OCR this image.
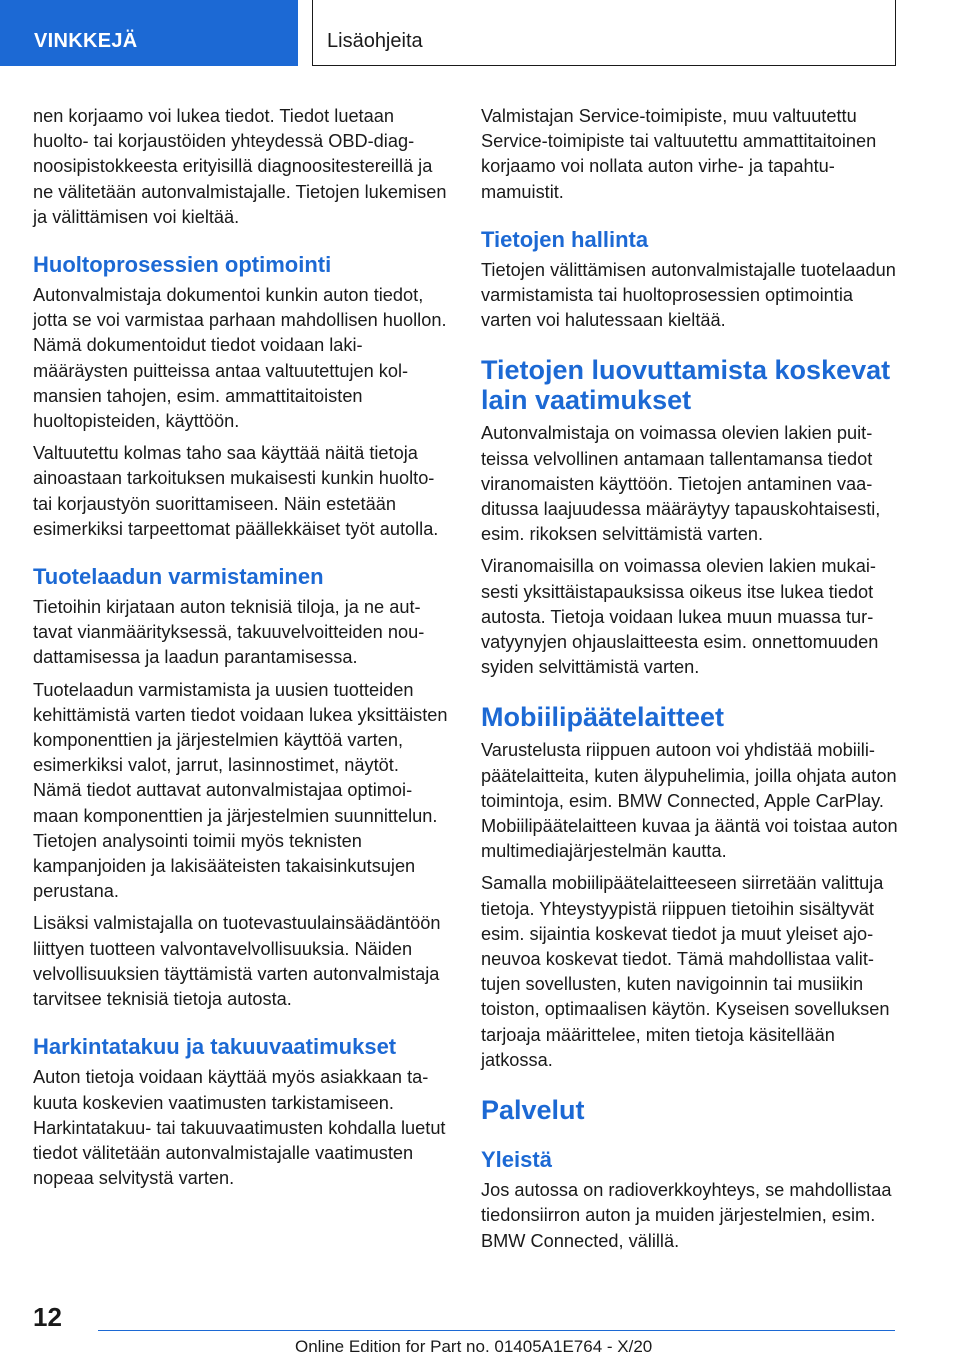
VINKKEJÄ	Lisäohjeita
nen korjaamo voi lukea tiedot. Tiedot luetaan huolto- tai korjaustöiden yhteydessä OBD-diagnoosipistokkeesta erityisillä diagnoositestereillä ja ne välitetään autonvalmistajalle. Tietojen lukemisen ja välittämisen voi kieltää.
Huoltoprosessien optimointi
Autonvalmistaja dokumentoi kunkin auton tiedot, jotta se voi varmistaa parhaan mahdollisen huollon. Nämä dokumentoidut tiedot voidaan lakimääräysten puitteissa antaa valtuutettujen kolmansien tahojen, esim. ammattitaitoisten huoltopisteiden, käyttöön.
Valtuutettu kolmas taho saa käyttää näitä tietoja ainoastaan tarkoituksen mukaisesti kunkin huolto- tai korjaustyön suorittamiseen. Näin estetään esimerkiksi tarpeettomat päällekkäiset työt autolla.
Tuotelaadun varmistaminen
Tietoihin kirjataan auton teknisiä tiloja, ja ne auttavat vianmäärityksessä, takuuvelvoitteiden noudattamisessa ja laadun parantamisessa.
Tuotelaadun varmistamista ja uusien tuotteiden kehittämistä varten tiedot voidaan lukea yksittäisten komponenttien ja järjestelmien käyttöä varten, esimerkiksi valot, jarrut, lasinnostimet, näytöt. Nämä tiedot auttavat autonvalmistajaa optimoimaan komponenttien ja järjestelmien suunnittelun. Tietojen analysointi toimii myös teknisten kampanjoiden ja lakisääteisten takaisinkutsujen perustana.
Lisäksi valmistajalla on tuotevastuulainsäädäntöön liittyen tuotteen valvontavelvollisuuksia. Näiden velvollisuuksien täyttämistä varten autonvalmistaja tarvitsee teknisiä tietoja autosta.
Harkintatakuu ja takuuvaatimukset
Auton tietoja voidaan käyttää myös asiakkaan takuuta koskevien vaatimusten tarkistamiseen. Harkintatakuu- tai takuuvaatimusten kohdalla luetut tiedot välitetään autonvalmistajalle vaatimusten nopeaa selvitystä varten.
Valmistajan Service-toimipiste, muu valtuutettu Service-toimipiste tai valtuutettu ammattitaitoinen korjaamo voi nollata auton virhe- ja tapahtumamuistit.
Tietojen hallinta
Tietojen välittämisen autonvalmistajalle tuotelaadun varmistamista tai huoltoprosessien optimointia varten voi halutessaan kieltää.
Tietojen luovuttamista koskevat lain vaatimukset
Autonvalmistaja on voimassa olevien lakien puitteissa velvollinen antamaan tallentamansa tiedot viranomaisten käyttöön. Tietojen antaminen vaaditussa laajuudessa määräytyy tapauskohtaisesti, esim. rikoksen selvittämistä varten.
Viranomaisilla on voimassa olevien lakien mukaisesti yksittäistapauksissa oikeus itse lukea tiedot autosta. Tietoja voidaan lukea muun muassa turvatyynyjen ohjauslaitteesta esim. onnettomuuden syiden selvittämistä varten.
Mobiilipäätelaitteet
Varustelusta riippuen autoon voi yhdistää mobiilipäätelaitteita, kuten älypuhelimia, joilla ohjata auton toimintoja, esim. BMW Connected, Apple CarPlay. Mobiilipäätelaitteen kuvaa ja ääntä voi toistaa auton multimediajärjestelmän kautta.
Samalla mobiilipäätelaitteeseen siirretään valittuja tietoja. Yhteystyypistä riippuen tietoihin sisältyvät esim. sijaintia koskevat tiedot ja muut yleiset ajoneuvoa koskevat tiedot. Tämä mahdollistaa valittujen sovellusten, kuten navigoinnin tai musiikin toiston, optimaalisen käytön. Kyseisen sovelluksen tarjoaja määrittelee, miten tietoja käsitellään jatkossa.
Palvelut
Yleistä
Jos autossa on radioverkkoyhteys, se mahdollistaa tiedonsiirron auton ja muiden järjestelmien, esim. BMW Connected, välillä.
12
Online Edition for Part no. 01405A1E764 - X/20
